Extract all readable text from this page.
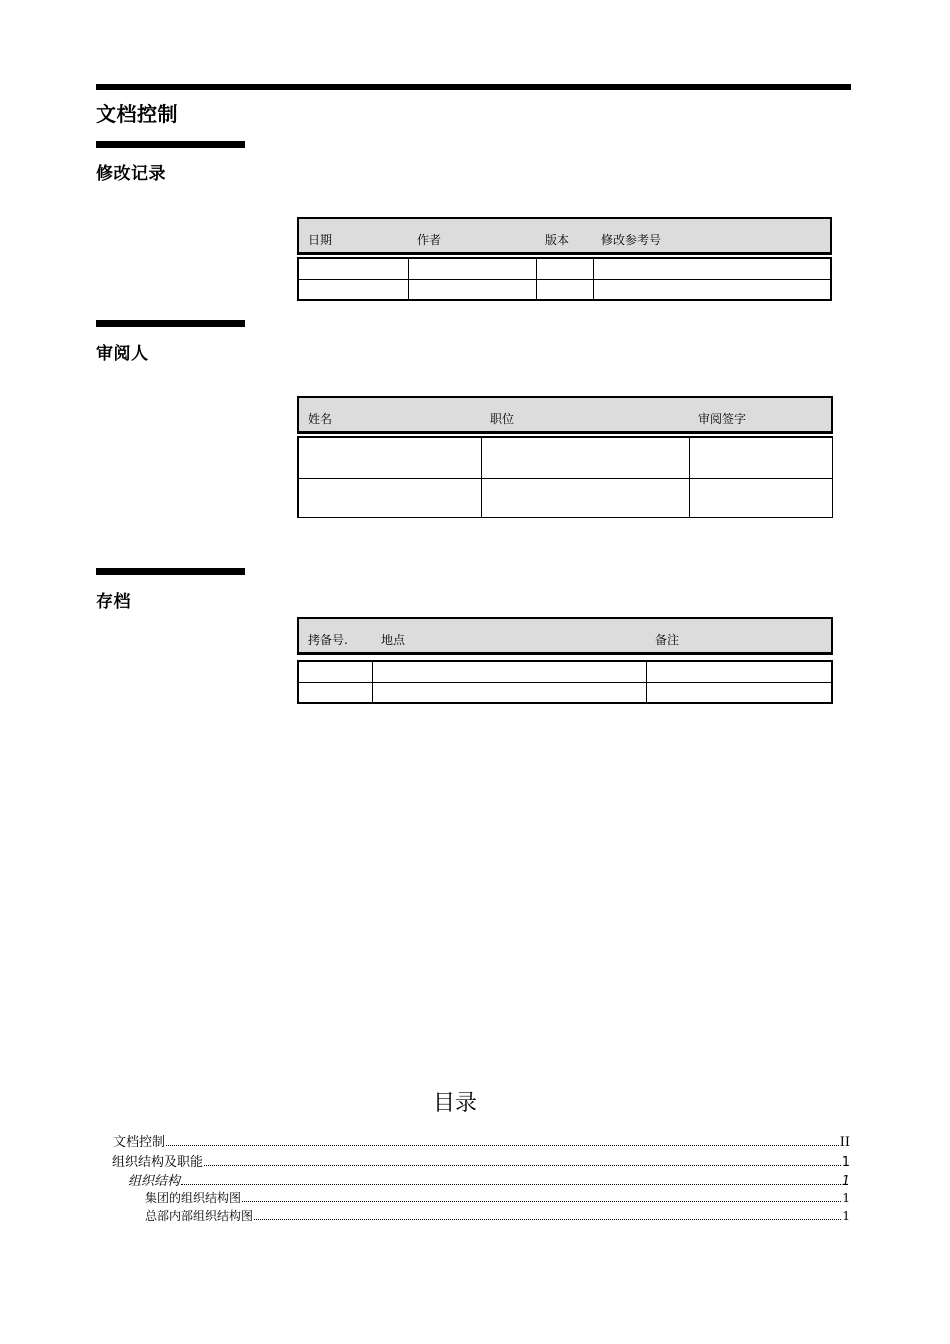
文档控制
修改记录
日期	作者	版本	修改参考号
审阅人
姓名	职位	审阅签字
存档
拷备号.	地点	备注
目录
文档控制	II
组织结构及职能	1
组织结构	1
集团的组织结构图	1
总部内部组织结构图	1
